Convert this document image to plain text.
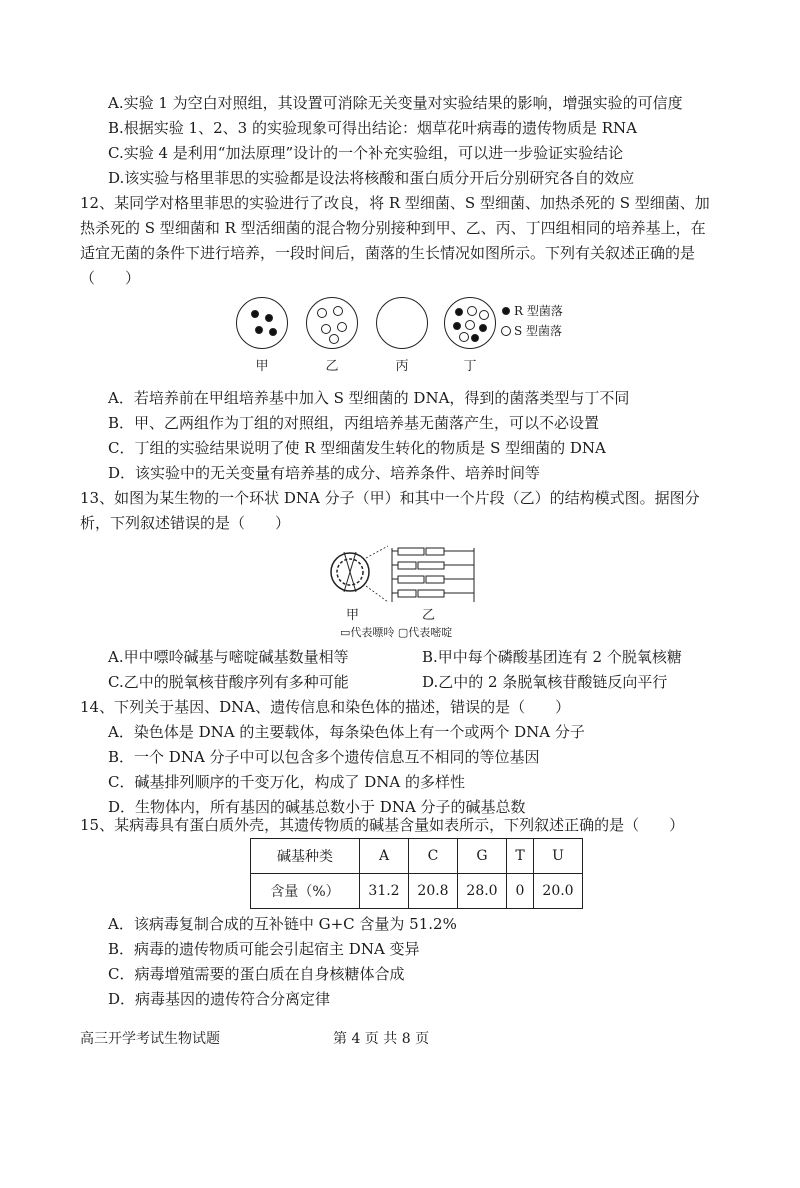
A.实验 1 为空白对照组，其设置可消除无关变量对实验结果的影响，增强实验的可信度
B.根据实验 1、2、3 的实验现象可得出结论：烟草花叶病毒的遗传物质是 RNA
C.实验 4 是利用“加法原理”设计的一个补充实验组，可以进一步验证实验结论
D.该实验与格里菲思的实验都是设法将核酸和蛋白质分开后分别研究各自的效应
12、某同学对格里菲思的实验进行了改良，将 R 型细菌、S 型细菌、加热杀死的 S 型细菌、加
热杀死的 S 型细菌和 R 型活细菌的混合物分别接种到甲、乙、丙、丁四组相同的培养基上，在
适宜无菌的条件下进行培养，一段时间后，菌落的生长情况如图所示。下列有关叙述正确的是
（　　）
甲	乙	丙	丁
R 型菌落
S 型菌落
A．若培养前在甲组培养基中加入 S 型细菌的 DNA，得到的菌落类型与丁不同
B．甲、乙两组作为丁组的对照组，丙组培养基无菌落产生，可以不必设置
C．丁组的实验结果说明了使 R 型细菌发生转化的物质是 S 型细菌的 DNA
D．该实验中的无关变量有培养基的成分、培养条件、培养时间等
13、如图为某生物的一个环状 DNA 分子（甲）和其中一个片段（乙）的结构模式图。据图分
析，下列叙述错误的是（　　）
甲	乙
▭代表嘌呤 ▢代表嘧啶
A.甲中嘌呤碱基与嘧啶碱基数量相等	B.甲中每个磷酸基团连有 2 个脱氧核糖
C.乙中的脱氧核苷酸序列有多种可能	D.乙中的 2 条脱氧核苷酸链反向平行
14、下列关于基因、DNA、遗传信息和染色体的描述，错误的是（　　）
A．染色体是 DNA 的主要载体，每条染色体上有一个或两个 DNA 分子
B．一个 DNA 分子中可以包含多个遗传信息互不相同的等位基因
C．碱基排列顺序的千变万化，构成了 DNA 的多样性
D．生物体内，所有基因的碱基总数小于 DNA 分子的碱基总数
15、某病毒具有蛋白质外壳，其遗传物质的碱基含量如表所示，下列叙述正确的是（　　）
碱基种类	A	C	G	T	U
含量（%）	31.2	20.8	28.0	0	20.0
A．该病毒复制合成的互补链中 G+C 含量为 51.2%
B．病毒的遗传物质可能会引起宿主 DNA 变异
C．病毒增殖需要的蛋白质在自身核糖体合成
D．病毒基因的遗传符合分离定律
高三开学考试生物试题	第 4 页 共 8 页
